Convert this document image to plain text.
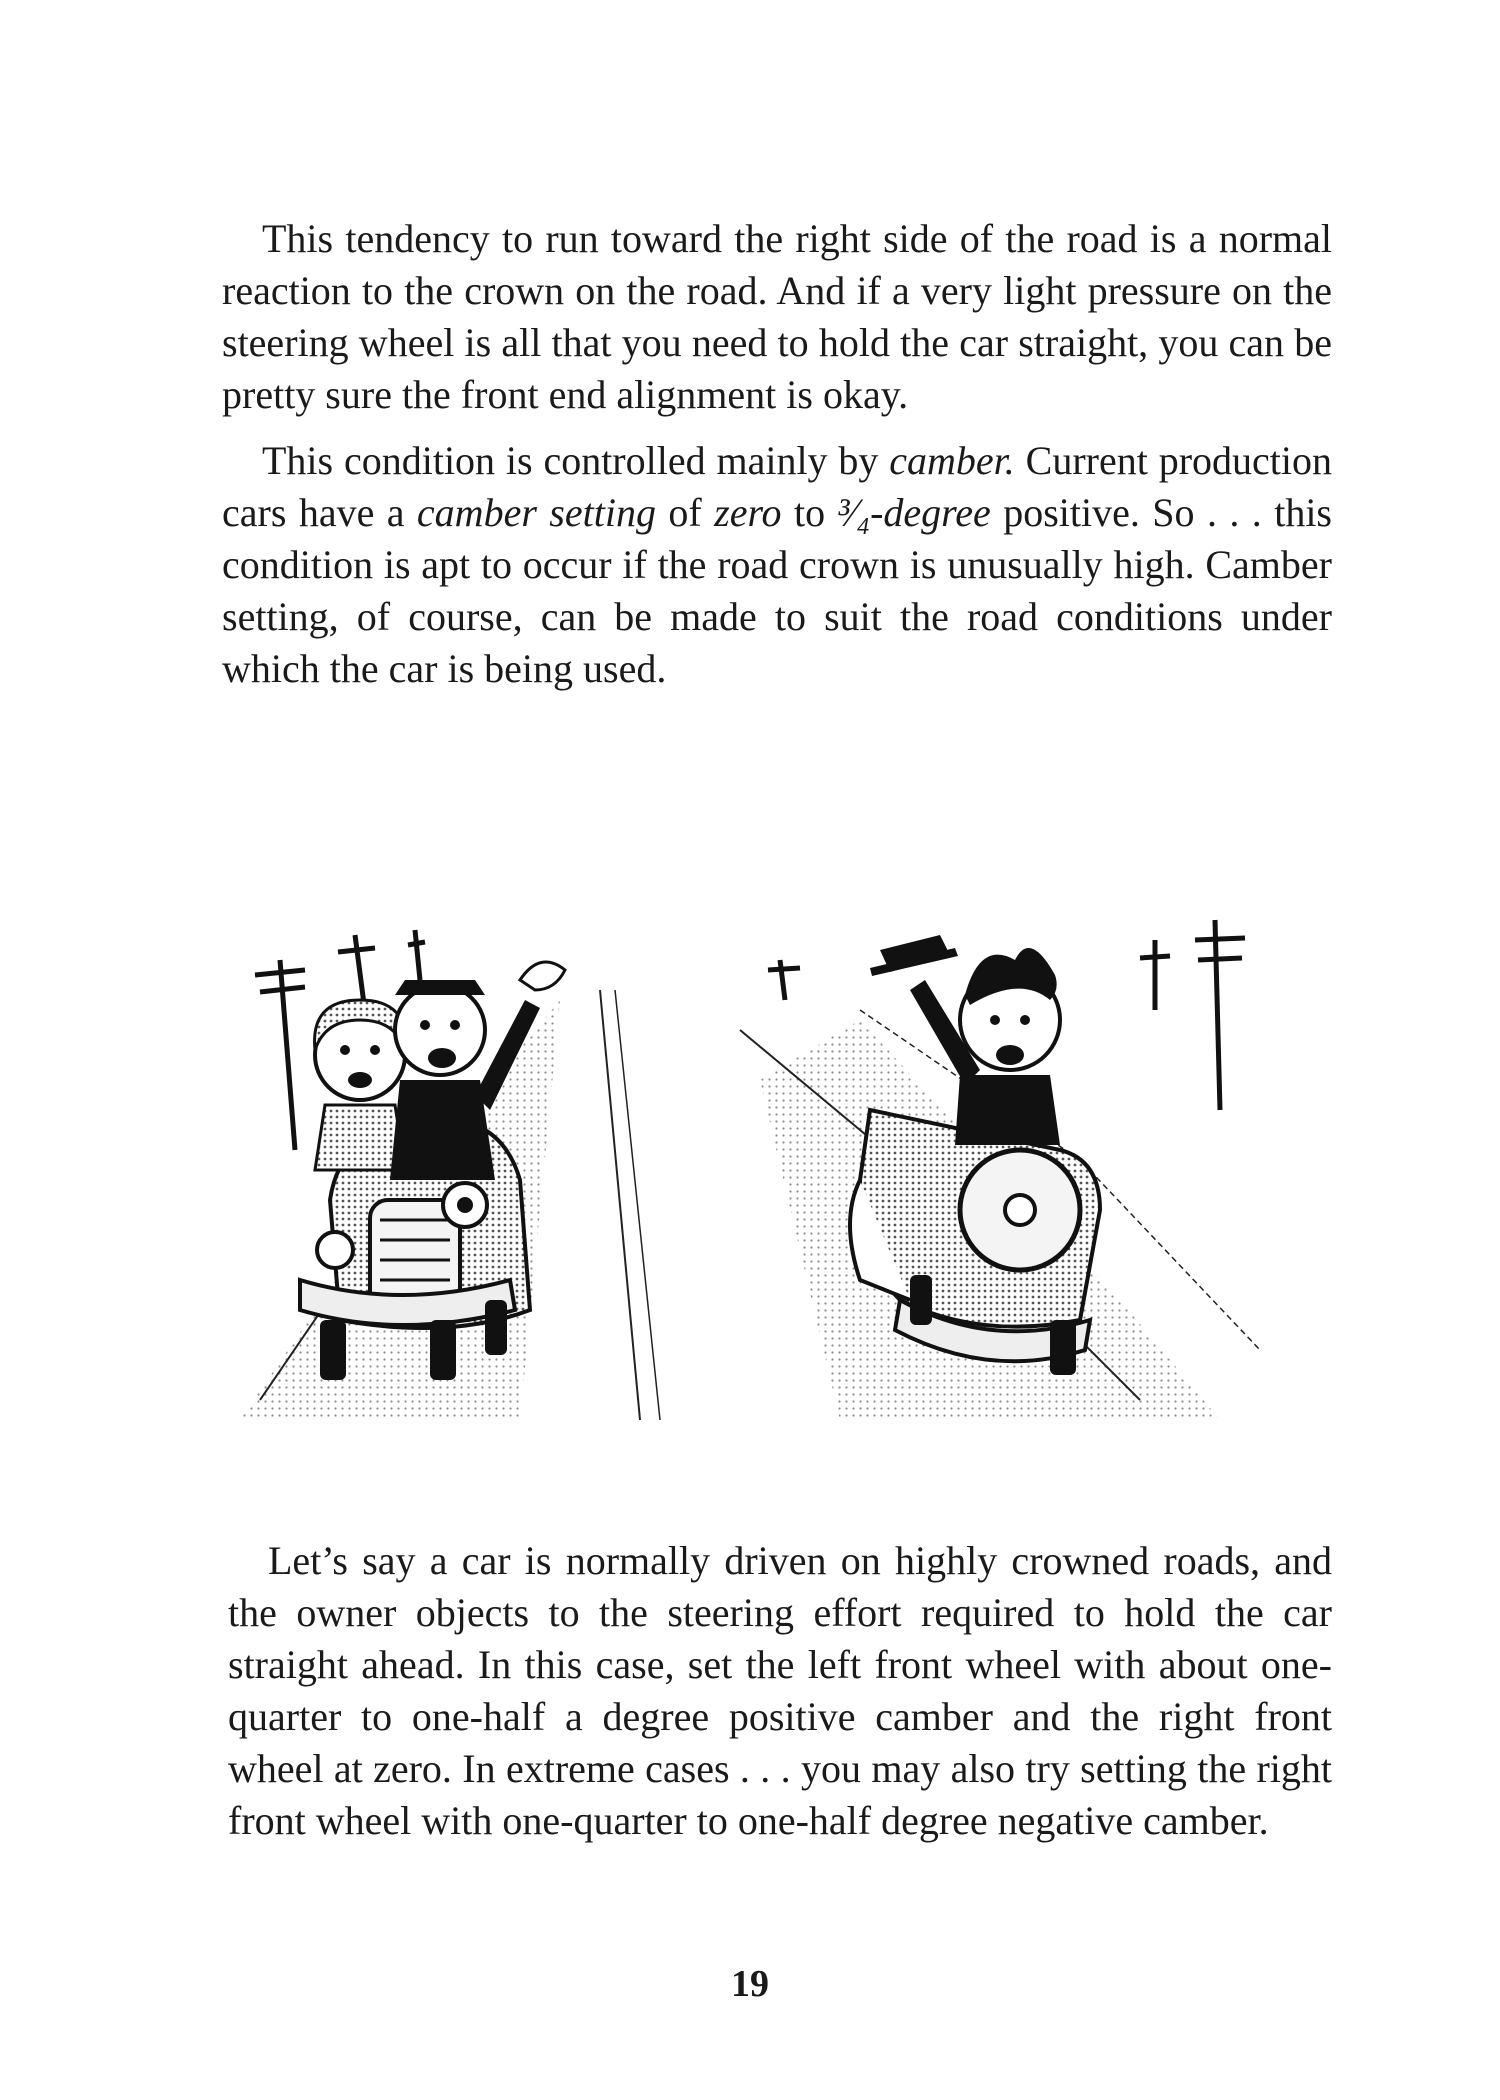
This tendency to run toward the right side of the road is a normal reaction to the crown on the road. And if a very light pressure on the steering wheel is all that you need to hold the car straight, you can be pretty sure the front end alignment is okay.

This condition is controlled mainly by camber. Current production cars have a camber setting of zero to ³⁄₄-degree positive. So . . . this condition is apt to occur if the road crown is unusually high. Camber setting, of course, can be made to suit the road conditions under which the car is being used.

Let’s say a car is normally driven on highly crowned roads, and the owner objects to the steering effort required to hold the car straight ahead. In this case, set the left front wheel with about one-quarter to one-half a degree positive camber and the right front wheel at zero. In extreme cases . . . you may also try setting the right front wheel with one-quarter to one-half degree negative camber.

19
